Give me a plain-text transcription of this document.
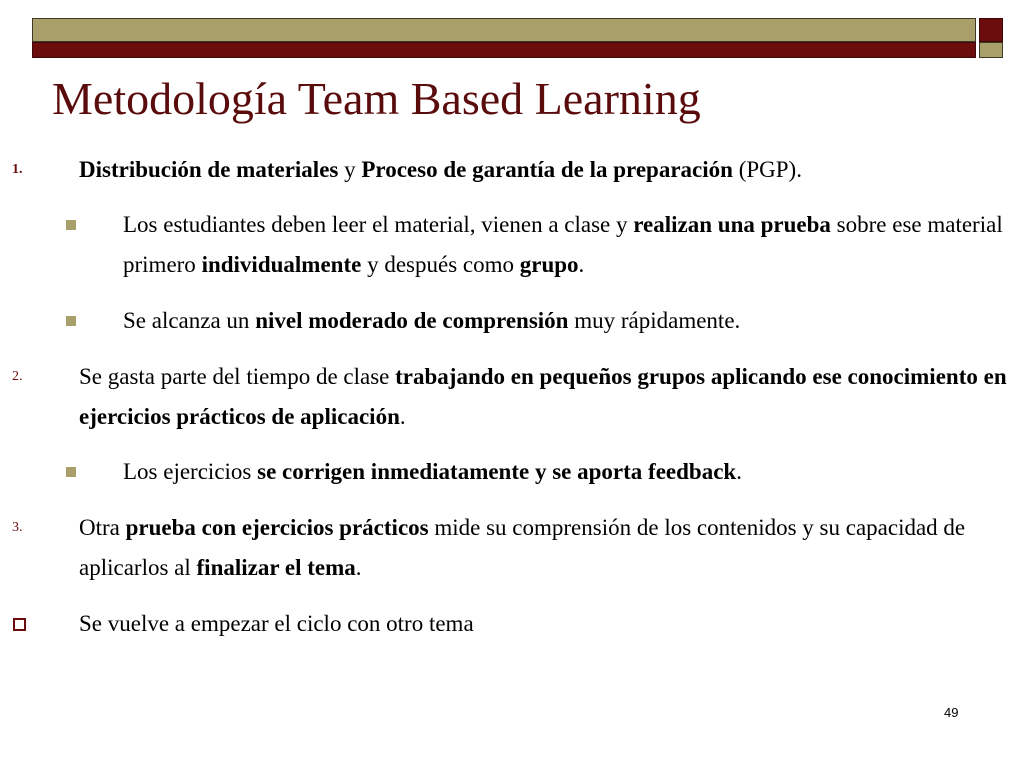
Metodología Team Based Learning
1. Distribución de materiales y Proceso de garantía de la preparación (PGP).
Los estudiantes deben leer el material, vienen a clase y realizan una prueba sobre ese material primero individualmente y después como grupo.
Se alcanza un nivel moderado de comprensión muy rápidamente.
2. Se gasta parte del tiempo de clase trabajando en pequeños grupos aplicando ese conocimiento en ejercicios prácticos de aplicación.
Los ejercicios se corrigen inmediatamente y se aporta feedback.
3. Otra prueba con ejercicios prácticos mide su comprensión de los contenidos y su capacidad de aplicarlos al finalizar el tema.
Se vuelve a empezar el ciclo con otro tema
49
